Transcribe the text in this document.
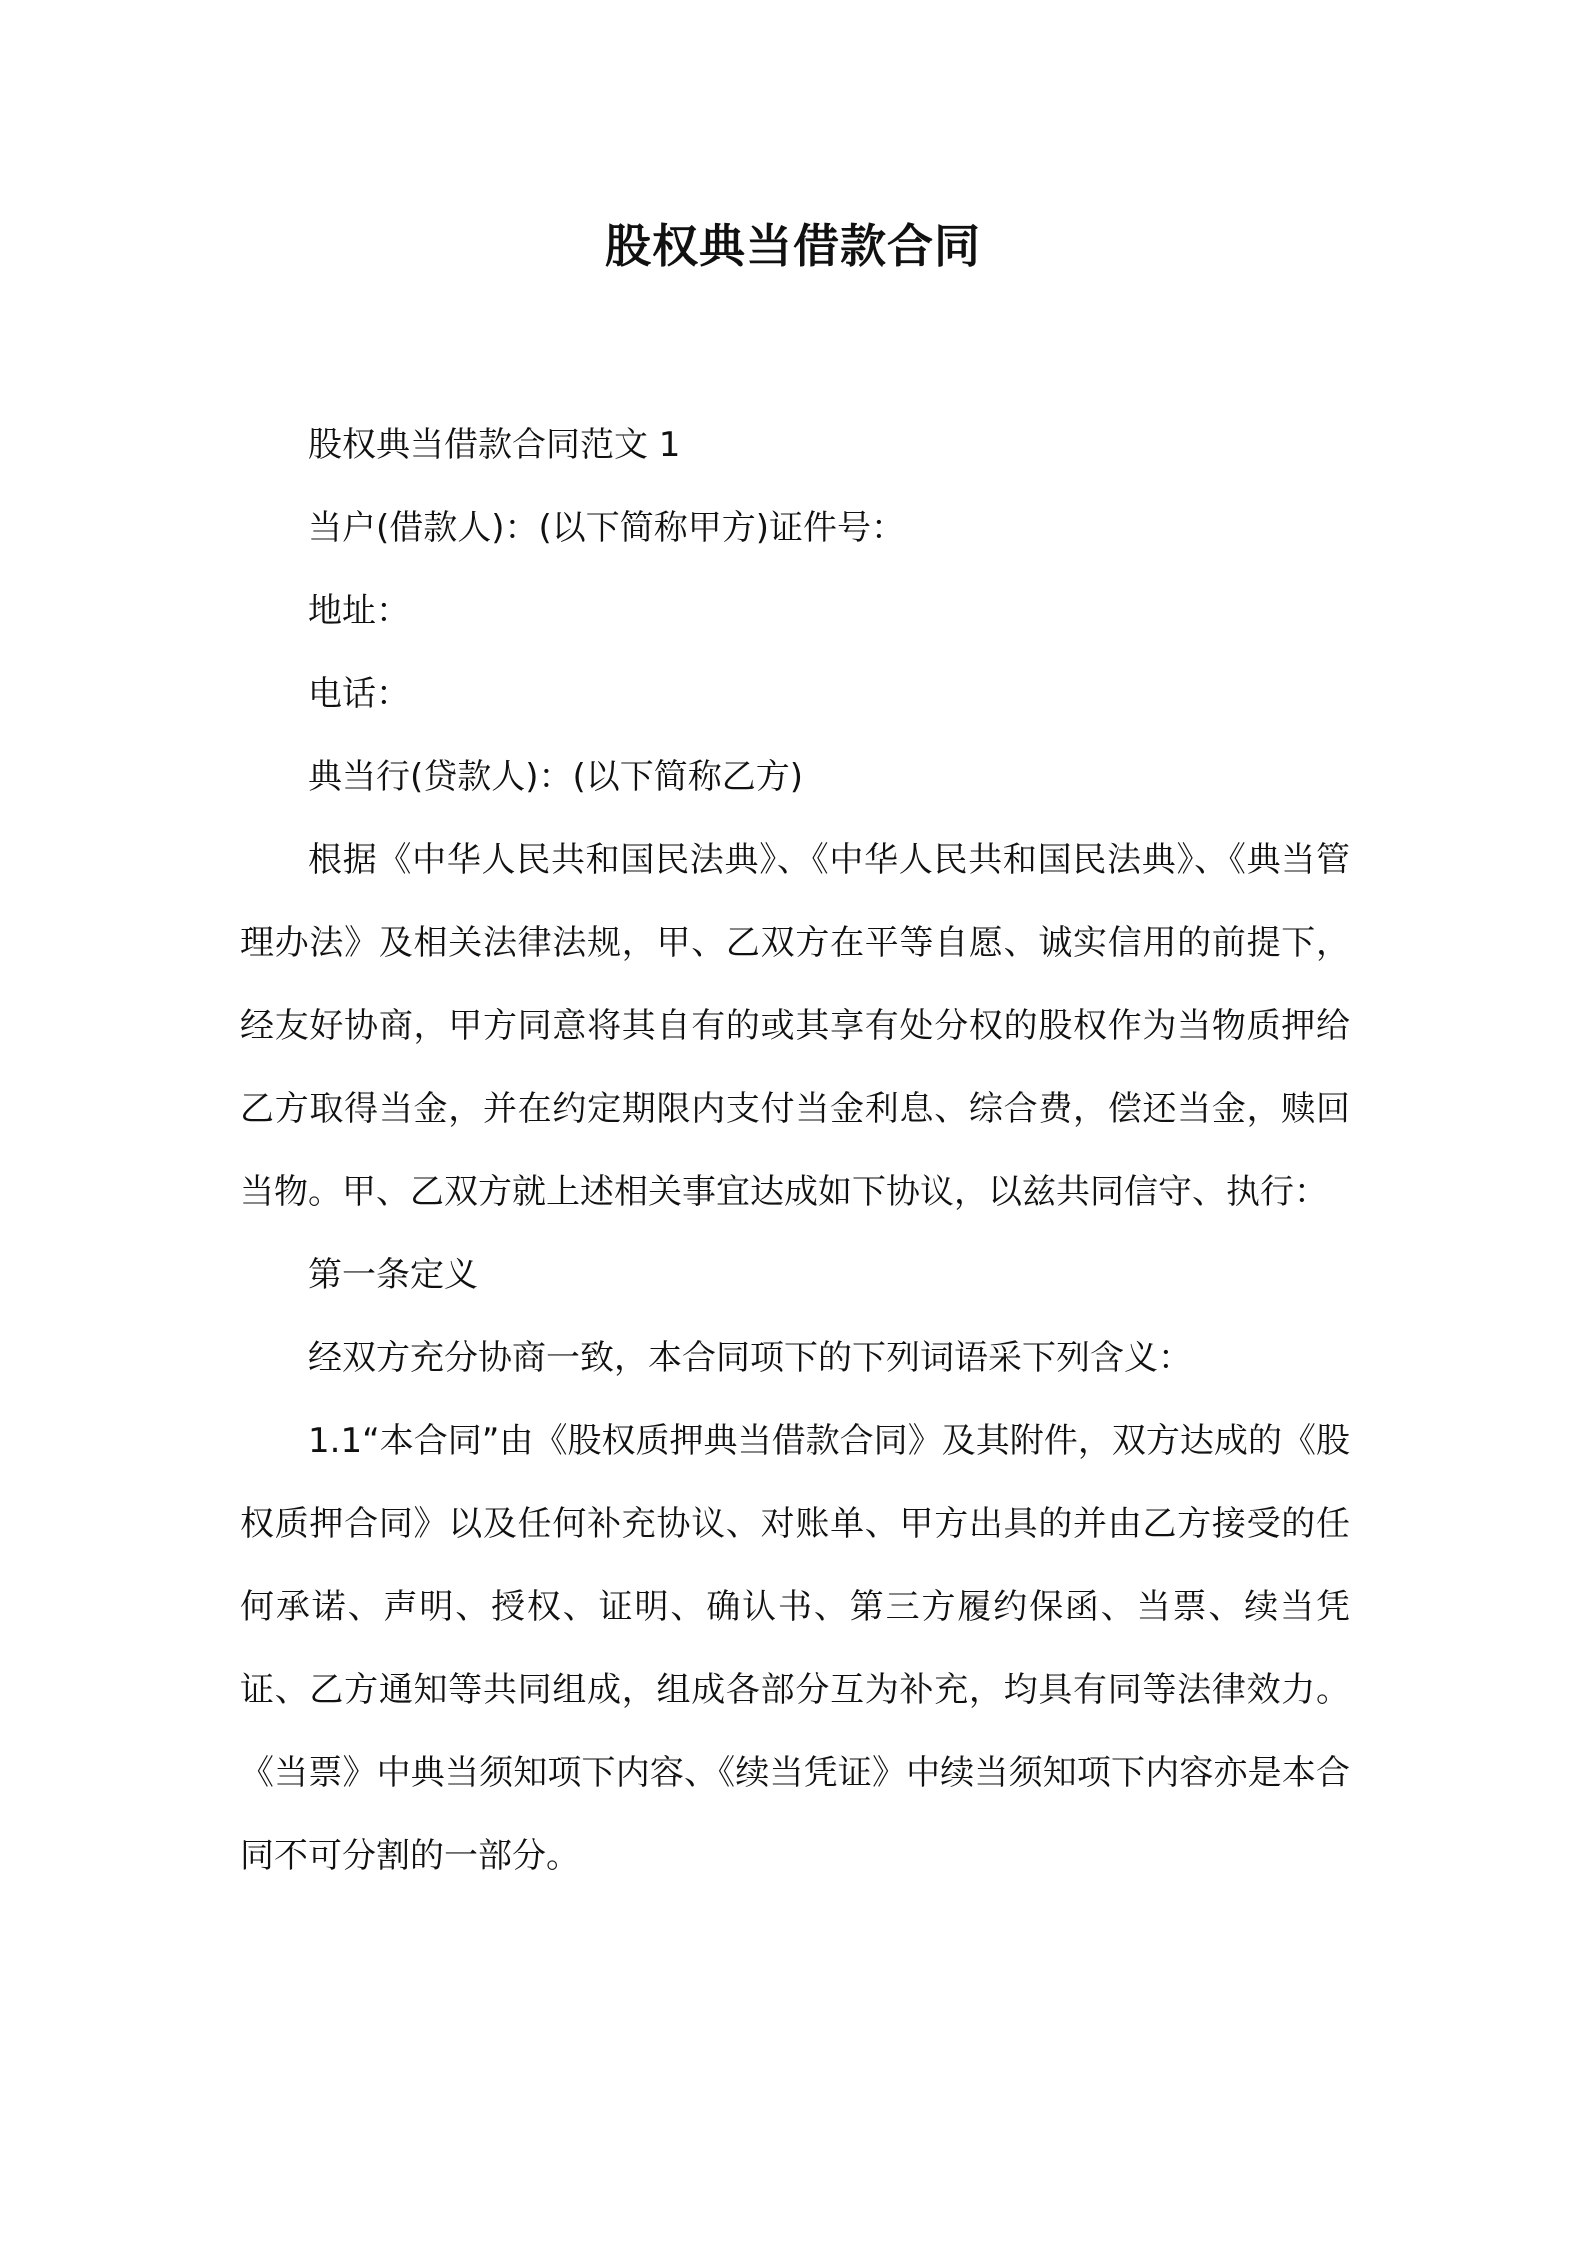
股权典当借款合同

股权典当借款合同范文 1

当户(借款人)：(以下简称甲方)证件号：

地址：

电话：

典当行(贷款人)：(以下简称乙方)

根据《中华人民共和国民法典》、《中华人民共和国民法典》、《典当管理办法》及相关法律法规，甲、乙双方在平等自愿、诚实信用的前提下，经友好协商，甲方同意将其自有的或其享有处分权的股权作为当物质押给乙方取得当金，并在约定期限内支付当金利息、综合费，偿还当金，赎回当物。甲、乙双方就上述相关事宜达成如下协议，以兹共同信守、执行：

第一条定义

经双方充分协商一致，本合同项下的下列词语采下列含义：

1.1“本合同”由《股权质押典当借款合同》及其附件，双方达成的《股权质押合同》以及任何补充协议、对账单、甲方出具的并由乙方接受的任何承诺、声明、授权、证明、确认书、第三方履约保函、当票、续当凭证、乙方通知等共同组成，组成各部分互为补充，均具有同等法律效力。《当票》中典当须知项下内容、《续当凭证》中续当须知项下内容亦是本合同不可分割的一部分。
